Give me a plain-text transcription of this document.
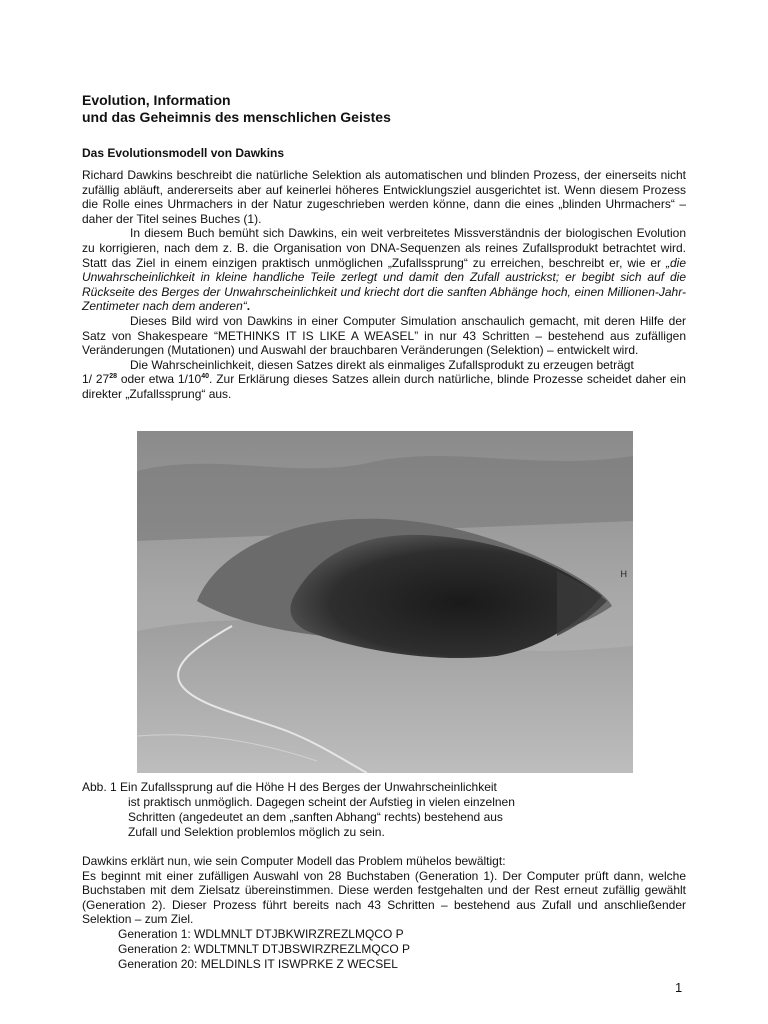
Evolution, Information
und das Geheimnis des menschlichen Geistes
Das Evolutionsmodell von Dawkins

Richard Dawkins beschreibt die natürliche Selektion als automatischen und blinden Prozess, der einerseits nicht zufällig abläuft, andererseits aber auf keinerlei höheres Entwicklungsziel ausgerichtet ist. Wenn diesem Prozess die Rolle eines Uhrmachers in der Natur zugeschrieben werden könne, dann die eines „blinden Uhrmachers“ – daher der Titel seines Buches (1).

In diesem Buch bemüht sich Dawkins, ein weit verbreitetes Missverständnis der biologischen Evolution zu korrigieren, nach dem z. B. die Organisation von DNA-Sequenzen als reines Zufallsprodukt betrachtet wird. Statt das Ziel in einem einzigen praktisch unmöglichen „Zufallssprung“ zu erreichen, beschreibt er, wie er „die Unwahrscheinlichkeit in kleine handliche Teile zerlegt und damit den Zufall austrickst; er begibt sich auf die Rückseite des Berges der Unwahrscheinlichkeit und kriecht dort die sanften Abhänge hoch, einen Millionen-Jahr-Zentimeter nach dem anderen“.

Dieses Bild wird von Dawkins in einer Computer Simulation anschaulich gemacht, mit deren Hilfe der Satz von Shakespeare “METHINKS IT IS LIKE A WEASEL” in nur 43 Schritten – bestehend aus zufälligen Veränderungen (Mutationen) und Auswahl der brauchbaren Veränderungen (Selektion) – entwickelt wird.

Die Wahrscheinlichkeit, diesen Satzes direkt als einmaliges Zufallsprodukt zu erzeugen beträgt

1/ $27^{28}$ oder etwa $1/10^{40}$. Zur Erklärung dieses Satzes allein durch natürliche, blinde Prozesse scheidet daher ein direkter „Zufallssprung“ aus.

H
Abb. 1 Ein Zufallssprung auf die Höhe H des Berges der Unwahrscheinlichkeit
ist praktisch unmöglich. Dagegen scheint der Aufstieg in vielen einzelnen
Schritten (angedeutet an dem „sanften Abhang“ rechts) bestehend aus
Zufall und Selektion problemlos möglich zu sein.

Dawkins erklärt nun, wie sein Computer Modell das Problem mühelos bewältigt:

Es beginnt mit einer zufälligen Auswahl von 28 Buchstaben (Generation 1). Der Computer prüft dann, welche Buchstaben mit dem Zielsatz übereinstimmen. Diese werden festgehalten und der Rest erneut zufällig gewählt (Generation 2). Dieser Prozess führt bereits nach 43 Schritten – bestehend aus Zufall und anschließender Selektion – zum Ziel.

Generation 1: WDLMNLT DTJBKWIRZREZLMQCO P
Generation 2: WDLTMNLT DTJBSWIRZREZLMQCO P
Generation 20: MELDINLS IT ISWPRKE Z WECSEL
1
